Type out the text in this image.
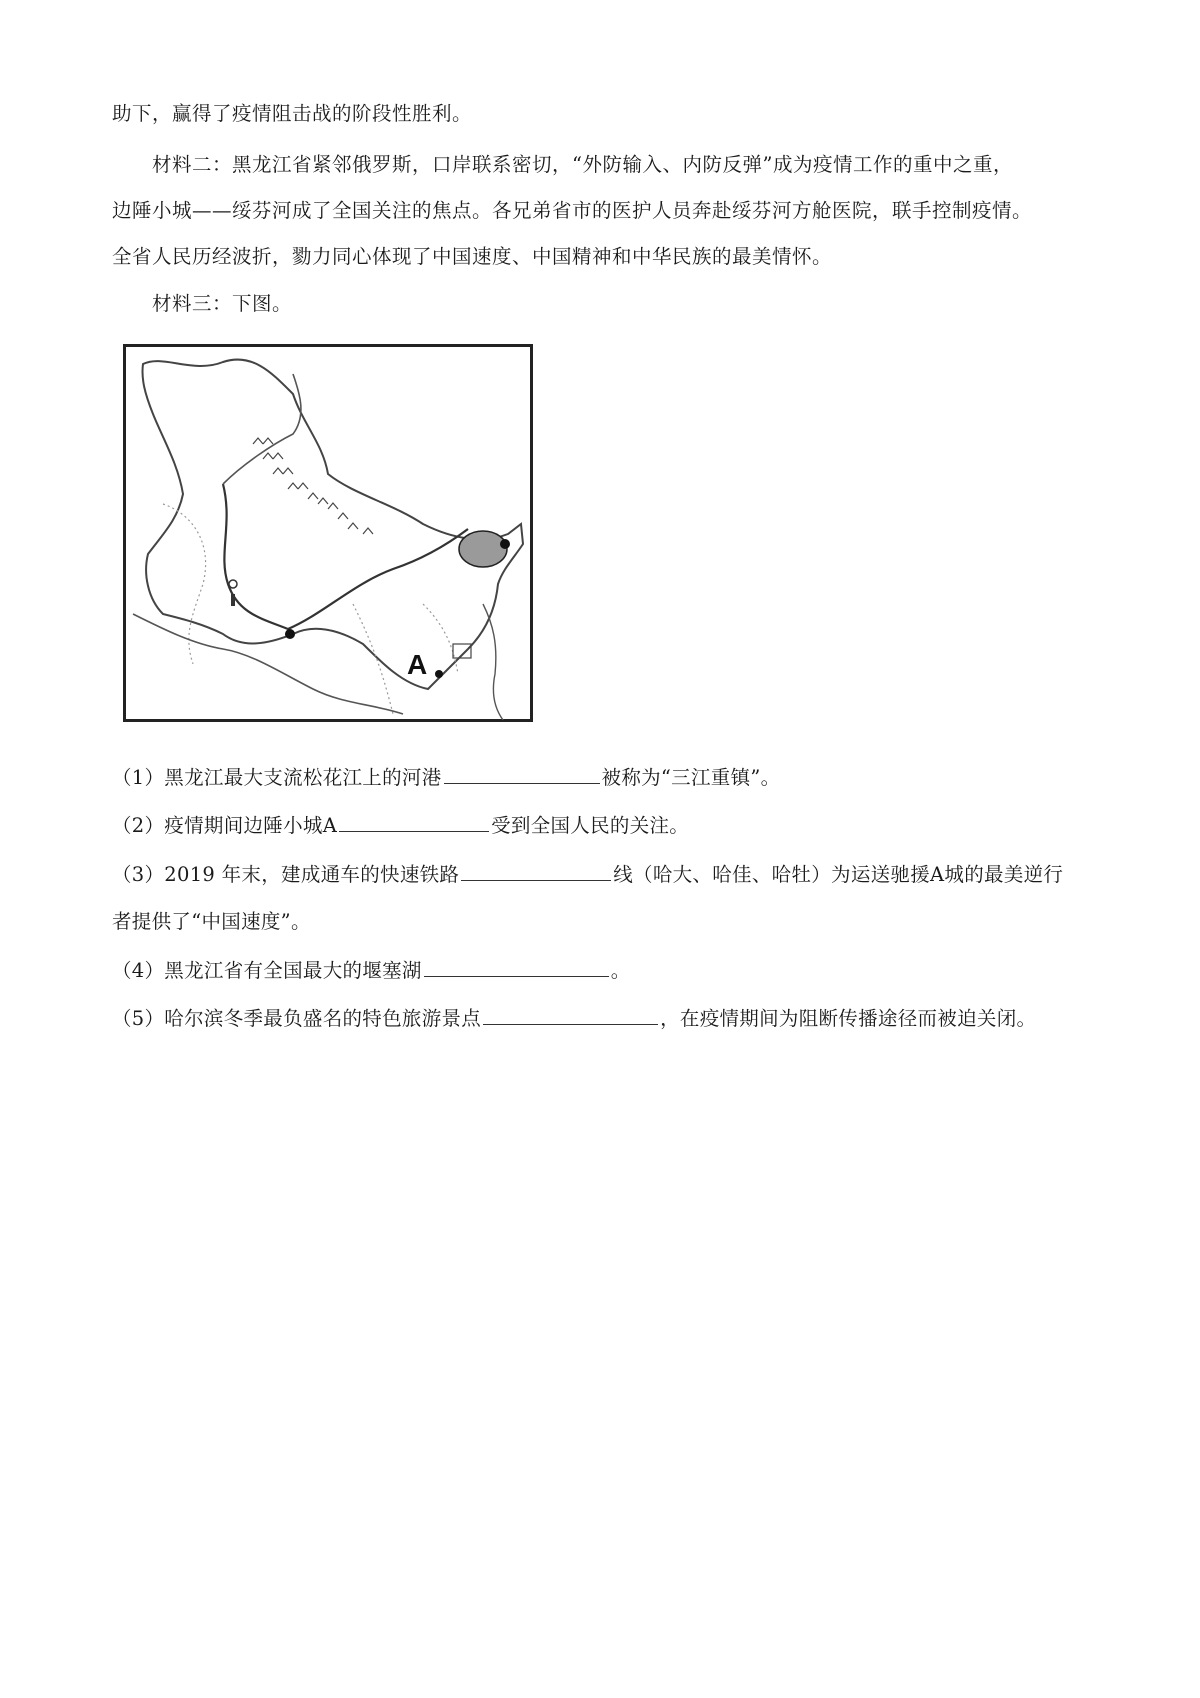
助下，赢得了疫情阻击战的阶段性胜利。

材料二：黑龙江省紧邻俄罗斯，口岸联系密切，“外防输入、内防反弹”成为疫情工作的重中之重，

边陲小城——绥芬河成了全国关注的焦点。各兄弟省市的医护人员奔赴绥芬河方舱医院，联手控制疫情。

全省人民历经波折，勠力同心体现了中国速度、中国精神和中华民族的最美情怀。

材料三：下图。

A

（1）黑龙江最大支流松花江上的河港	被称为“三江重镇”。

（2）疫情期间边陲小城A	受到全国人民的关注。

（3）2019 年末，建成通车的快速铁路	线（哈大、哈佳、哈牡）为运送驰援A城的最美逆行

者提供了“中国速度”。

（4）黑龙江省有全国最大的堰塞湖	。

（5）哈尔滨冬季最负盛名的特色旅游景点	，在疫情期间为阻断传播途径而被迫关闭。
